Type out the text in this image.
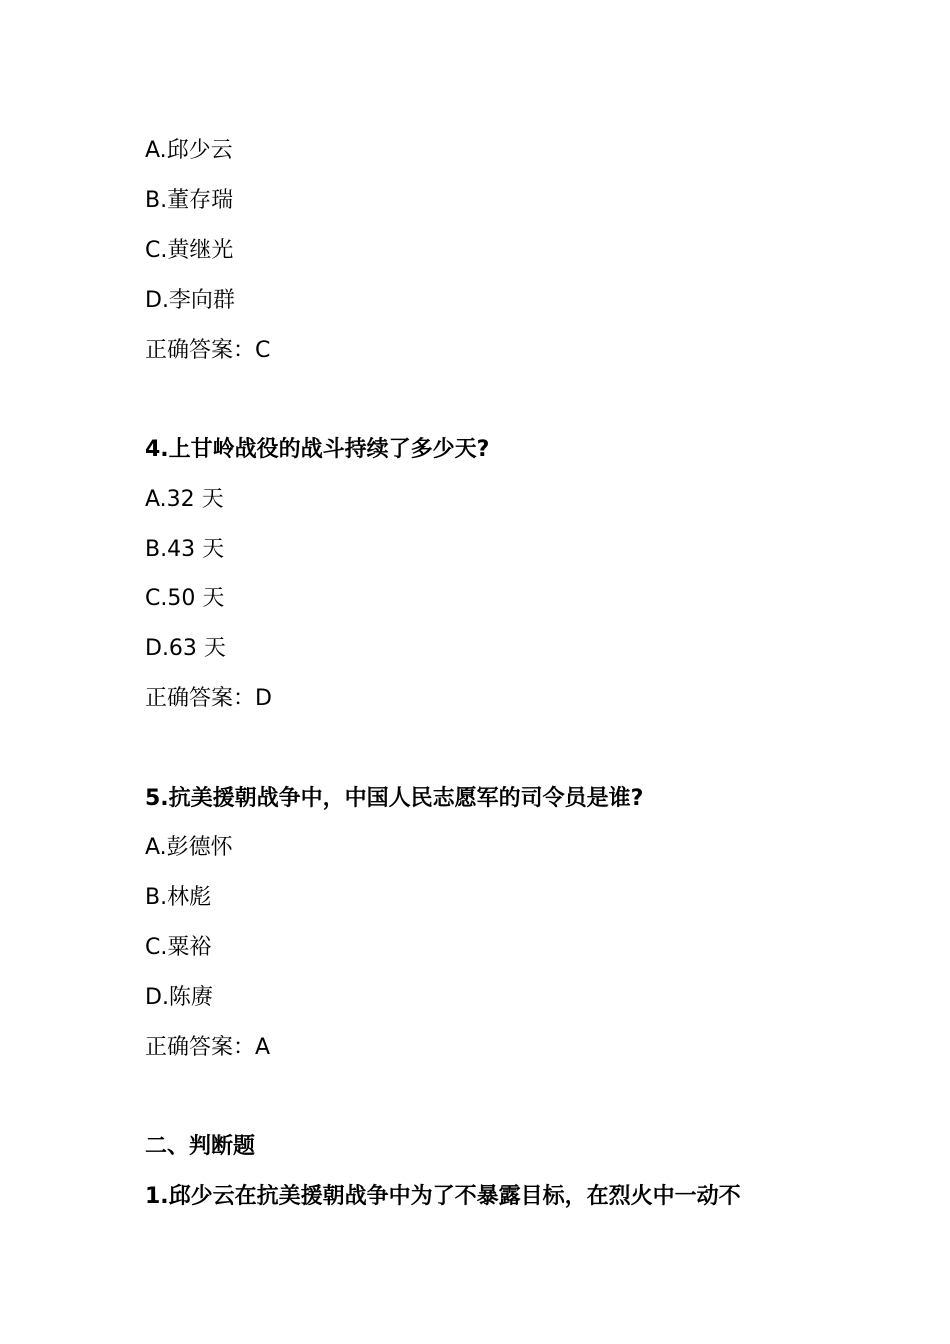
A.邱少云
B.董存瑞
C.黄继光
D.李向群
正确答案：C
4.上甘岭战役的战斗持续了多少天?
A.32 天
B.43 天
C.50 天
D.63 天
正确答案：D
5.抗美援朝战争中，中国人民志愿军的司令员是谁?
A.彭德怀
B.林彪
C.粟裕
D.陈赓
正确答案：A
二、判断题
1.邱少云在抗美援朝战争中为了不暴露目标，在烈火中一动不
